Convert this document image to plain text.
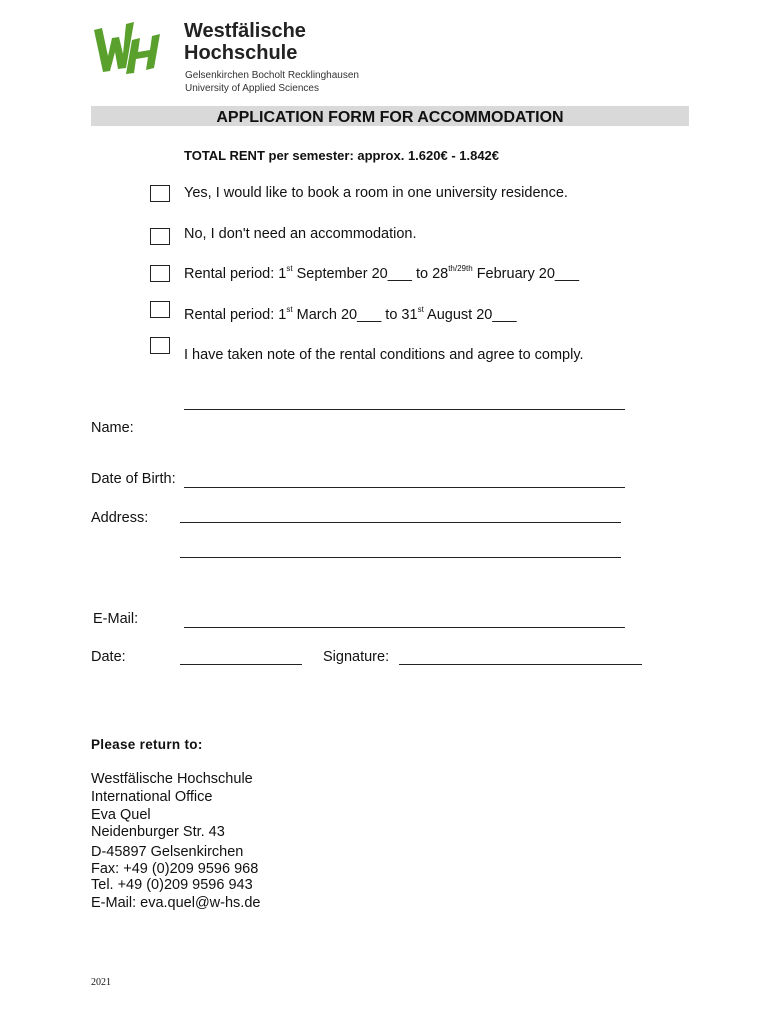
Westfälische
Hochschule
Gelsenkirchen Bocholt Recklinghausen
University of Applied Sciences
APPLICATION FORM FOR ACCOMMODATION
TOTAL RENT per semester: approx. 1.620€ - 1.842€
Yes, I would like to book a room in one university residence.
No, I don't need an accommodation.
Rental period: 1st September 20___ to $28^{th/29th}$ February 20___
Rental period: 1st March 20___ to 31st August 20___
I have taken note of the rental conditions and agree to comply.
Name:
Date of Birth:
Address:
E-Mail:
Date:	Signature:
Please return to:
Westfälische Hochschule
International Office
Eva Quel
Neidenburger Str. 43
D-45897 Gelsenkirchen
Fax: +49 (0)209 9596 968
Tel. +49 (0)209 9596 943
E-Mail: eva.quel@w-hs.de
2021
